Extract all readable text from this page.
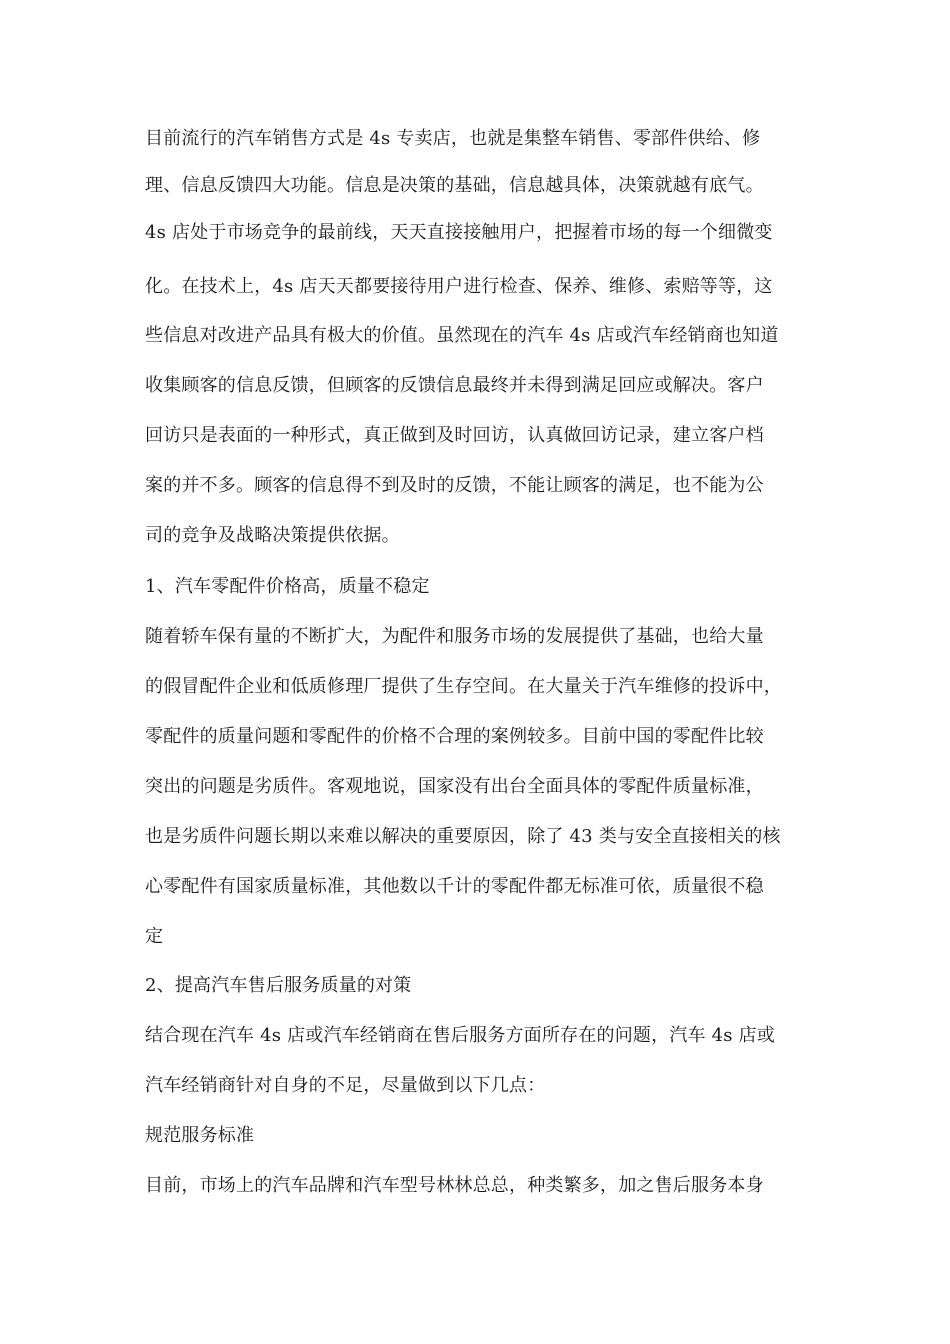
目前流行的汽车销售方式是 4s 专卖店，也就是集整车销售、零部件供给、修
理、信息反馈四大功能。信息是决策的基础，信息越具体，决策就越有底气。
4s 店处于市场竞争的最前线，天天直接接触用户，把握着市场的每一个细微变
化。在技术上，4s 店天天都要接待用户进行检查、保养、维修、索赔等等，这
些信息对改进产品具有极大的价值。虽然现在的汽车 4s 店或汽车经销商也知道
收集顾客的信息反馈，但顾客的反馈信息最终并未得到满足回应或解决。客户
回访只是表面的一种形式，真正做到及时回访，认真做回访记录，建立客户档
案的并不多。顾客的信息得不到及时的反馈，不能让顾客的满足，也不能为公
司的竞争及战略决策提供依据。
1、汽车零配件价格高，质量不稳定
随着轿车保有量的不断扩大，为配件和服务市场的发展提供了基础，也给大量
的假冒配件企业和低质修理厂提供了生存空间。在大量关于汽车维修的投诉中，
零配件的质量问题和零配件的价格不合理的案例较多。目前中国的零配件比较
突出的问题是劣质件。客观地说，国家没有出台全面具体的零配件质量标准，
也是劣质件问题长期以来难以解决的重要原因，除了 43 类与安全直接相关的核
心零配件有国家质量标准，其他数以千计的零配件都无标准可依，质量很不稳
定
2、提高汽车售后服务质量的对策
结合现在汽车 4s 店或汽车经销商在售后服务方面所存在的问题，汽车 4s 店或
汽车经销商针对自身的不足，尽量做到以下几点：
规范服务标准
目前，市场上的汽车品牌和汽车型号林林总总，种类繁多，加之售后服务本身
